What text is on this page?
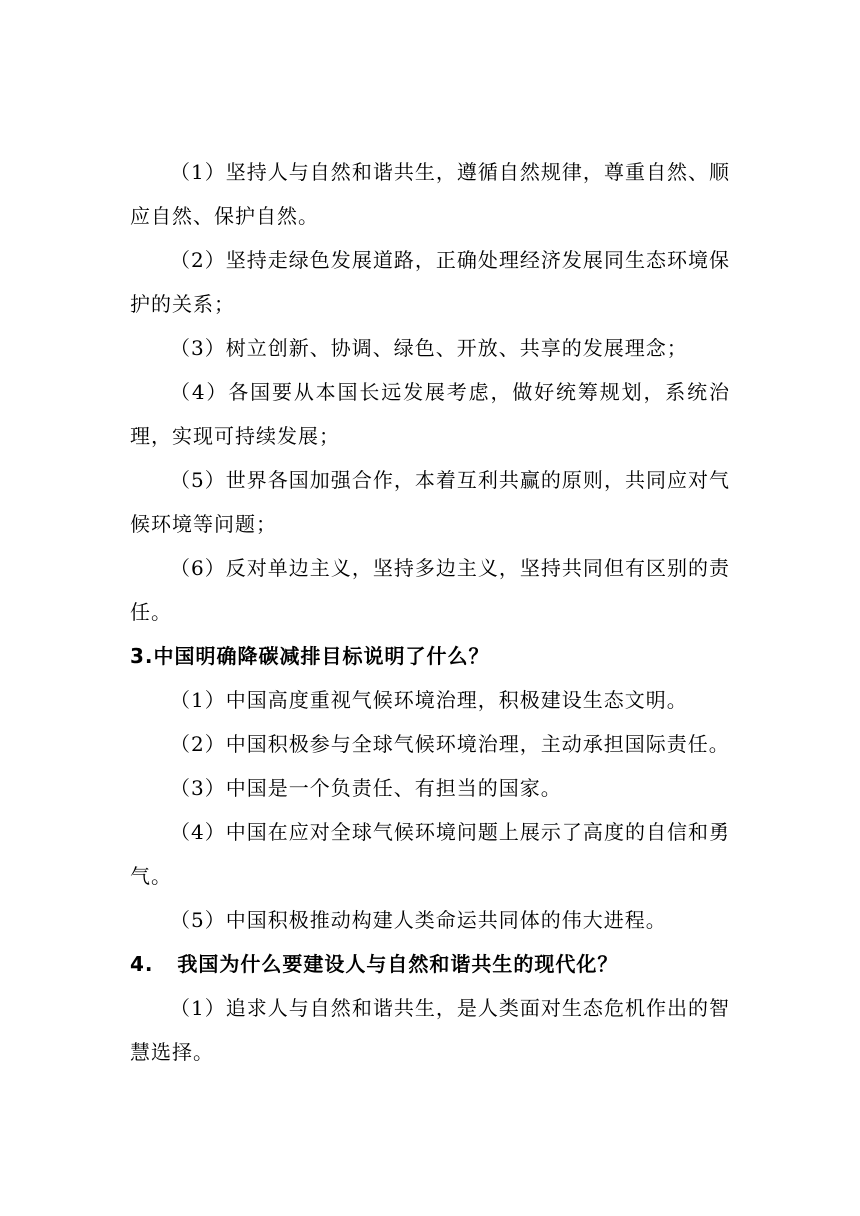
（1）坚持人与自然和谐共生，遵循自然规律，尊重自然、顺应自然、保护自然。

（2）坚持走绿色发展道路，正确处理经济发展同生态环境保护的关系；

（3）树立创新、协调、绿色、开放、共享的发展理念；

（4）各国要从本国长远发展考虑，做好统筹规划，系统治理，实现可持续发展；

（5）世界各国加强合作，本着互利共赢的原则，共同应对气候环境等问题；

（6）反对单边主义，坚持多边主义，坚持共同但有区别的责任。

3.中国明确降碳减排目标说明了什么？

（1）中国高度重视气候环境治理，积极建设生态文明。

（2）中国积极参与全球气候环境治理，主动承担国际责任。

（3）中国是一个负责任、有担当的国家。

（4）中国在应对全球气候环境问题上展示了高度的自信和勇气。

（5）中国积极推动构建人类命运共同体的伟大进程。

4.   我国为什么要建设人与自然和谐共生的现代化？

（1）追求人与自然和谐共生，是人类面对生态危机作出的智慧选择。
